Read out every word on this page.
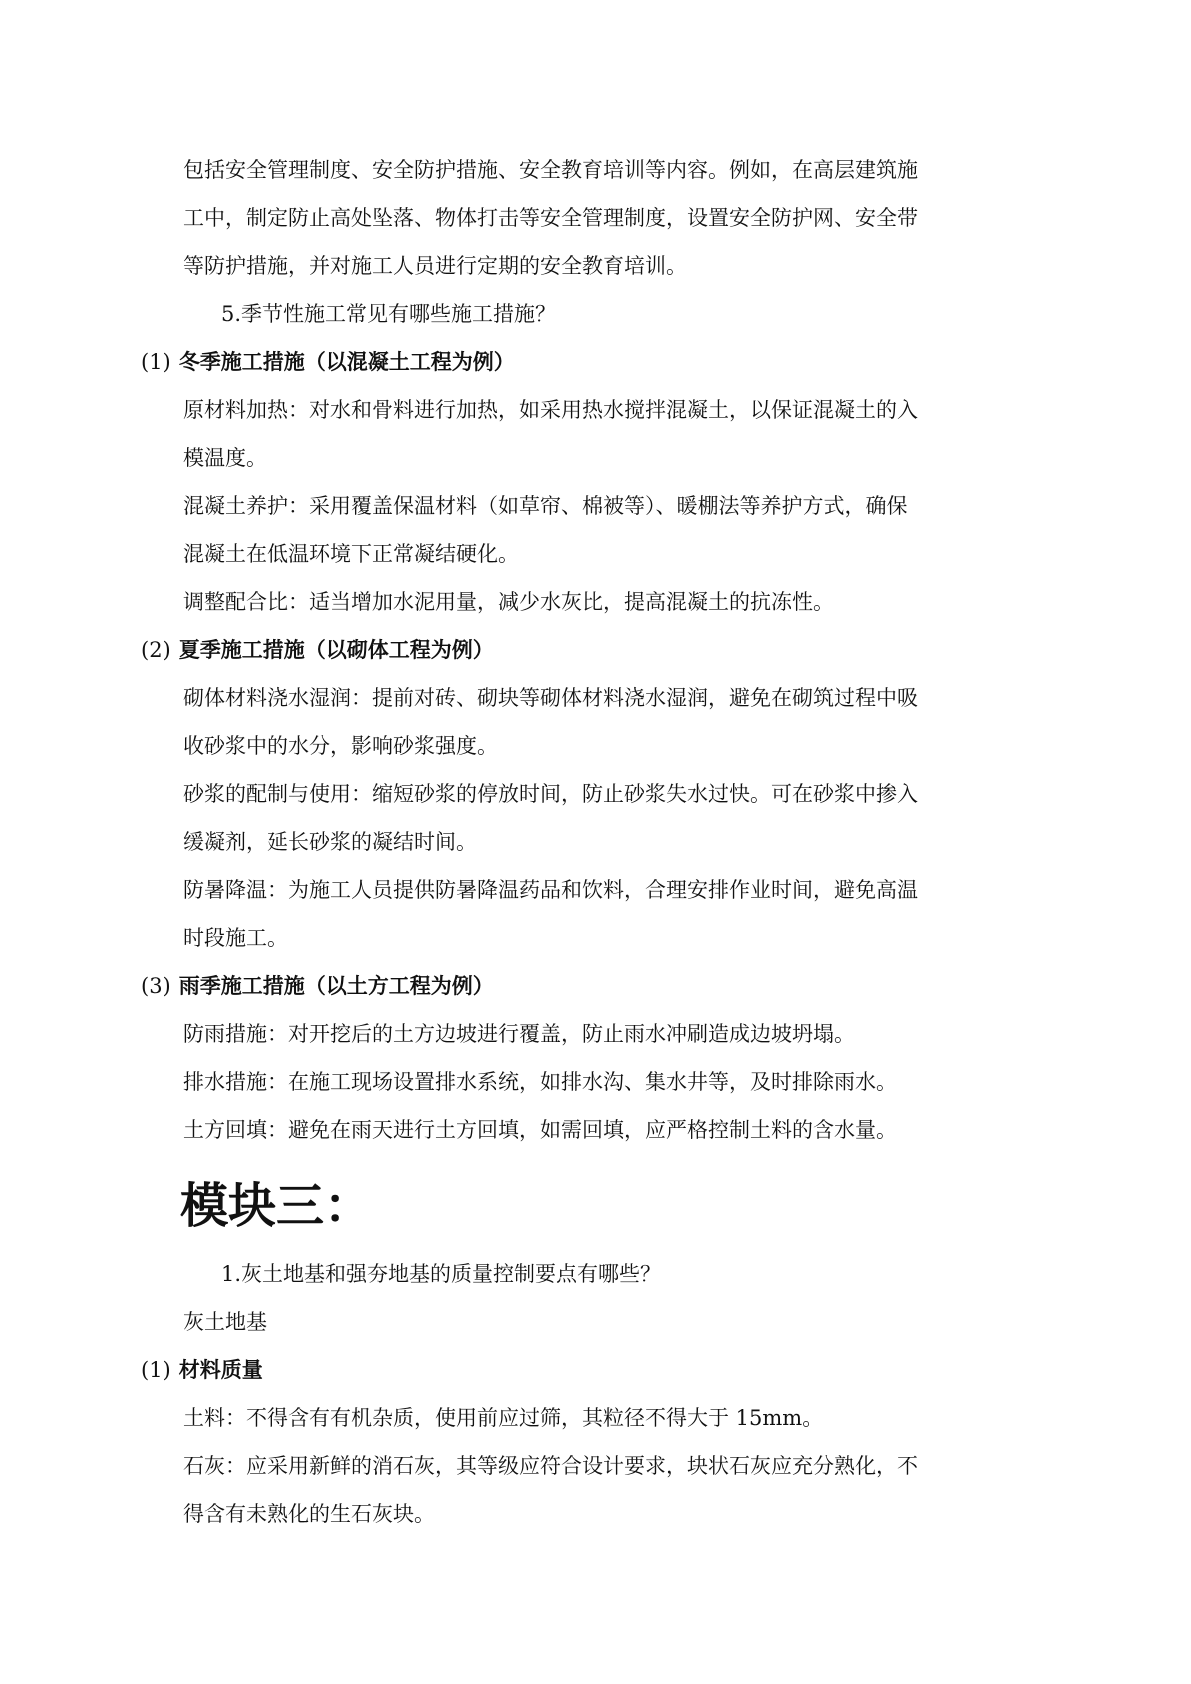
包括安全管理制度、安全防护措施、安全教育培训等内容。例如，在高层建筑施
工中，制定防止高处坠落、物体打击等安全管理制度，设置安全防护网、安全带
等防护措施，并对施工人员进行定期的安全教育培训。
5.季节性施工常见有哪些施工措施？
(1) 冬季施工措施（以混凝土工程为例）
原材料加热：对水和骨料进行加热，如采用热水搅拌混凝土，以保证混凝土的入
模温度。
混凝土养护：采用覆盖保温材料（如草帘、棉被等）、暖棚法等养护方式，确保
混凝土在低温环境下正常凝结硬化。
调整配合比：适当增加水泥用量，减少水灰比，提高混凝土的抗冻性。
(2) 夏季施工措施（以砌体工程为例）
砌体材料浇水湿润：提前对砖、砌块等砌体材料浇水湿润，避免在砌筑过程中吸
收砂浆中的水分，影响砂浆强度。
砂浆的配制与使用：缩短砂浆的停放时间，防止砂浆失水过快。可在砂浆中掺入
缓凝剂，延长砂浆的凝结时间。
防暑降温：为施工人员提供防暑降温药品和饮料，合理安排作业时间，避免高温
时段施工。
(3) 雨季施工措施（以土方工程为例）
防雨措施：对开挖后的土方边坡进行覆盖，防止雨水冲刷造成边坡坍塌。
排水措施：在施工现场设置排水系统，如排水沟、集水井等，及时排除雨水。
土方回填：避免在雨天进行土方回填，如需回填，应严格控制土料的含水量。
模块三：
1.灰土地基和强夯地基的质量控制要点有哪些？
灰土地基
(1) 材料质量
土料：不得含有有机杂质，使用前应过筛，其粒径不得大于 15mm。
石灰：应采用新鲜的消石灰，其等级应符合设计要求，块状石灰应充分熟化，不
得含有未熟化的生石灰块。
